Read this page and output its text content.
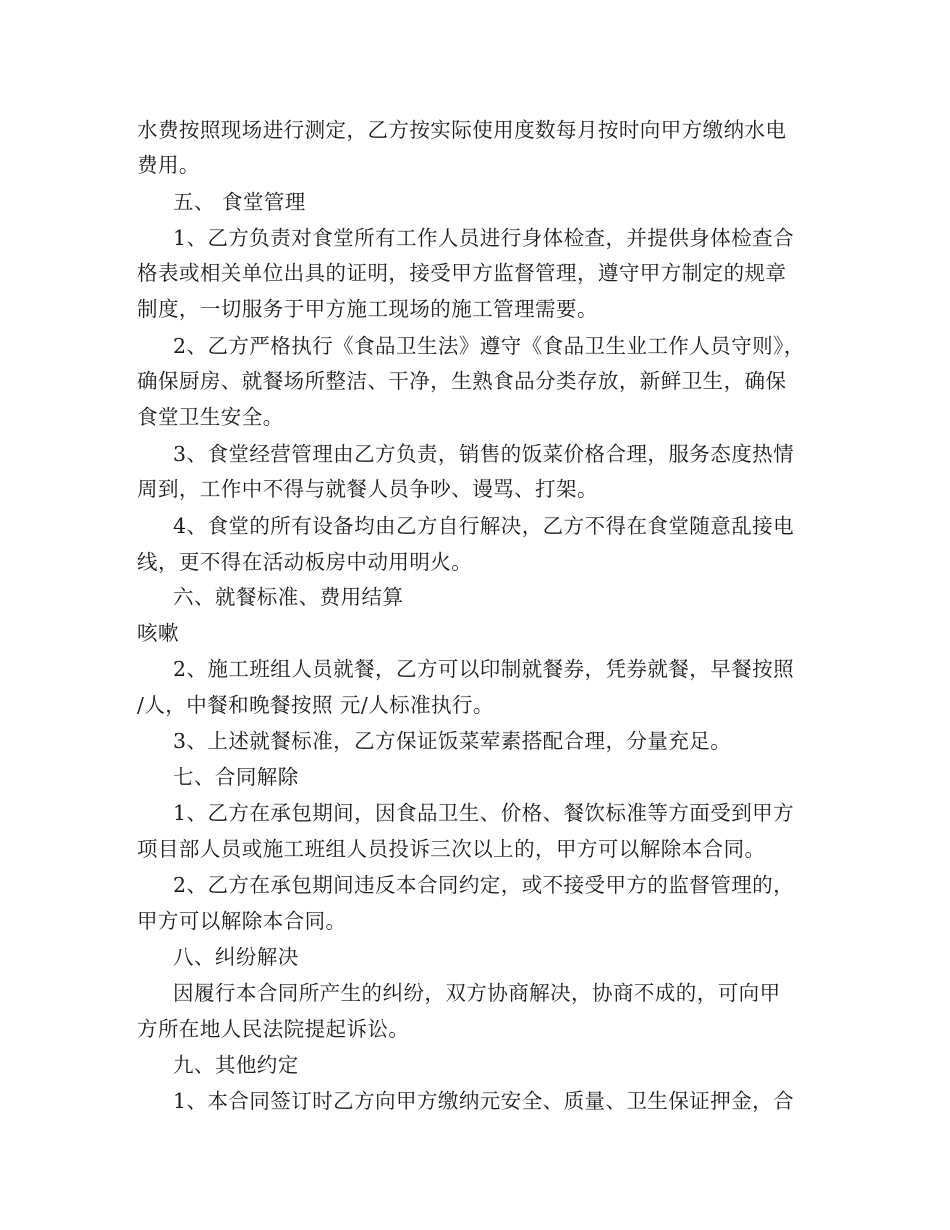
水费按照现场进行测定，乙方按实际使用度数每月按时向甲方缴纳水电
费用。
五、 食堂管理
1、乙方负责对食堂所有工作人员进行身体检查，并提供身体检查合
格表或相关单位出具的证明，接受甲方监督管理，遵守甲方制定的规章
制度，一切服务于甲方施工现场的施工管理需要。
2、乙方严格执行《食品卫生法》遵守《食品卫生业工作人员守则》，
确保厨房、就餐场所整洁、干净，生熟食品分类存放，新鲜卫生，确保
食堂卫生安全。
3、食堂经营管理由乙方负责，销售的饭菜价格合理，服务态度热情
周到，工作中不得与就餐人员争吵、谩骂、打架。
4、食堂的所有设备均由乙方自行解决，乙方不得在食堂随意乱接电
线，更不得在活动板房中动用明火。
六、就餐标准、费用结算
咳嗽
2、施工班组人员就餐，乙方可以印制就餐券，凭券就餐，早餐按照
/人，中餐和晚餐按照 元/人标准执行。
3、上述就餐标准，乙方保证饭菜荤素搭配合理，分量充足。
七、合同解除
1、乙方在承包期间，因食品卫生、价格、餐饮标准等方面受到甲方
项目部人员或施工班组人员投诉三次以上的，甲方可以解除本合同。
2、乙方在承包期间违反本合同约定，或不接受甲方的监督管理的，
甲方可以解除本合同。
八、纠纷解决
因履行本合同所产生的纠纷，双方协商解决，协商不成的，可向甲
方所在地人民法院提起诉讼。
九、其他约定
1、本合同签订时乙方向甲方缴纳元安全、质量、卫生保证押金，合
